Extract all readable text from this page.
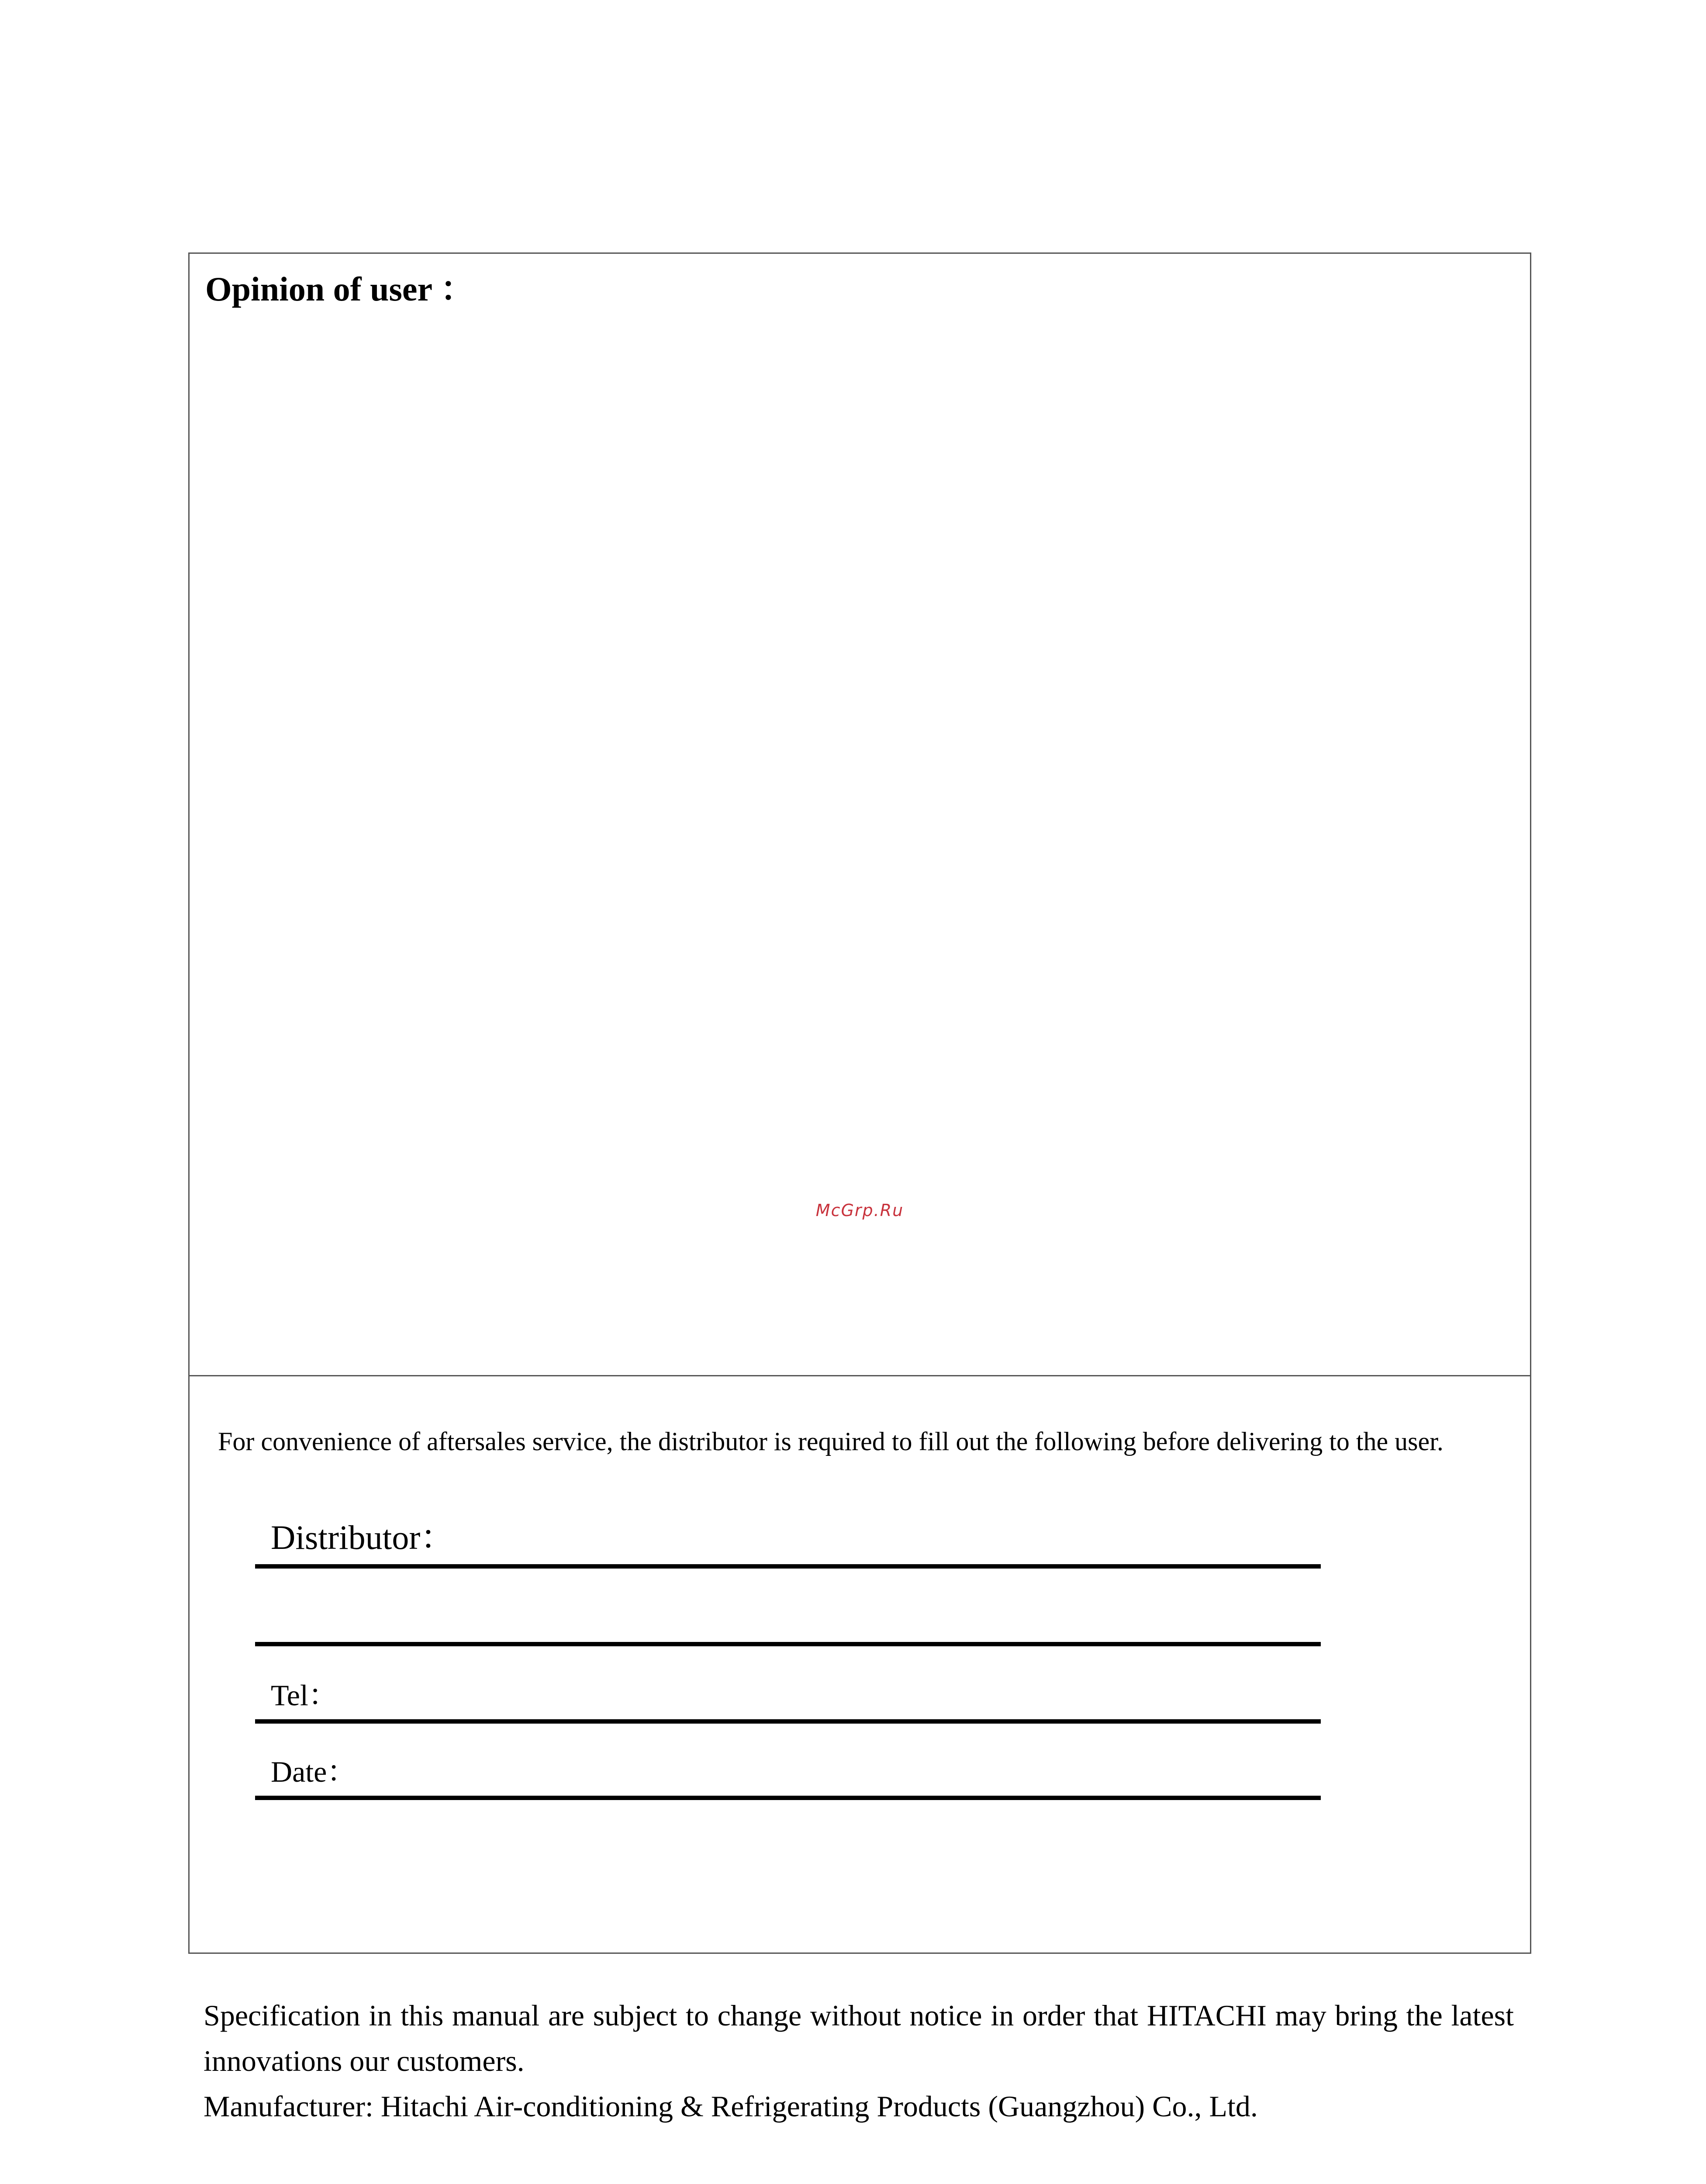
Opinion of user ：
McGrp.Ru
For convenience of aftersales service, the distributor is required to fill out the following before delivering to the user.
Distributor：
Tel：
Date：

Specification in this manual are subject to change without notice in order that HITACHI may bring the latest innovations our customers.

Manufacturer: Hitachi Air-conditioning & Refrigerating Products (Guangzhou) Co., Ltd.
